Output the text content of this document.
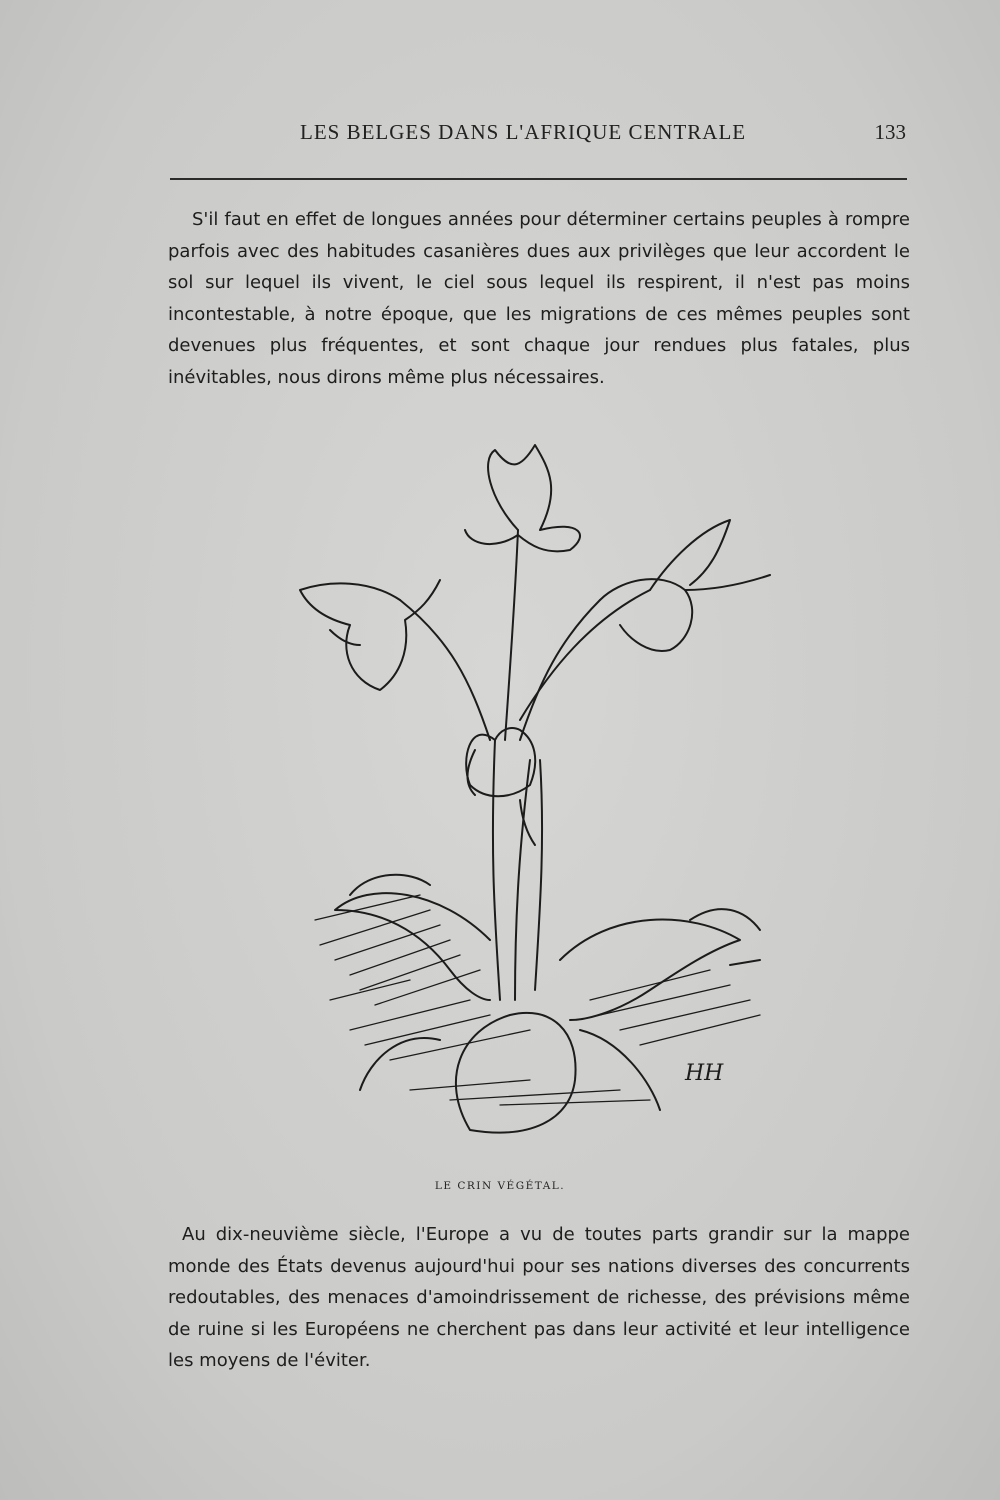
LES BELGES DANS L'AFRIQUE CENTRALE	133

S'il faut en effet de longues années pour déterminer certains peuples à rompre parfois avec des habitudes casanières dues aux privilèges que leur accordent le sol sur lequel ils vivent, le ciel sous lequel ils respirent, il n'est pas moins incontestable, à notre époque, que les migrations de ces mêmes peuples sont devenues plus fréquentes, et sont chaque jour rendues plus fatales, plus inévitables, nous dirons même plus nécessaires.

HH
LE CRIN VÉGÉTAL.

Au dix-neuvième siècle, l'Europe a vu de toutes parts grandir sur la mappe monde des États devenus aujourd'hui pour ses nations diverses des concurrents redoutables, des menaces d'amoindrissement de richesse, des prévisions même de ruine si les Européens ne cherchent pas dans leur activité et leur intelligence les moyens de l'éviter.
